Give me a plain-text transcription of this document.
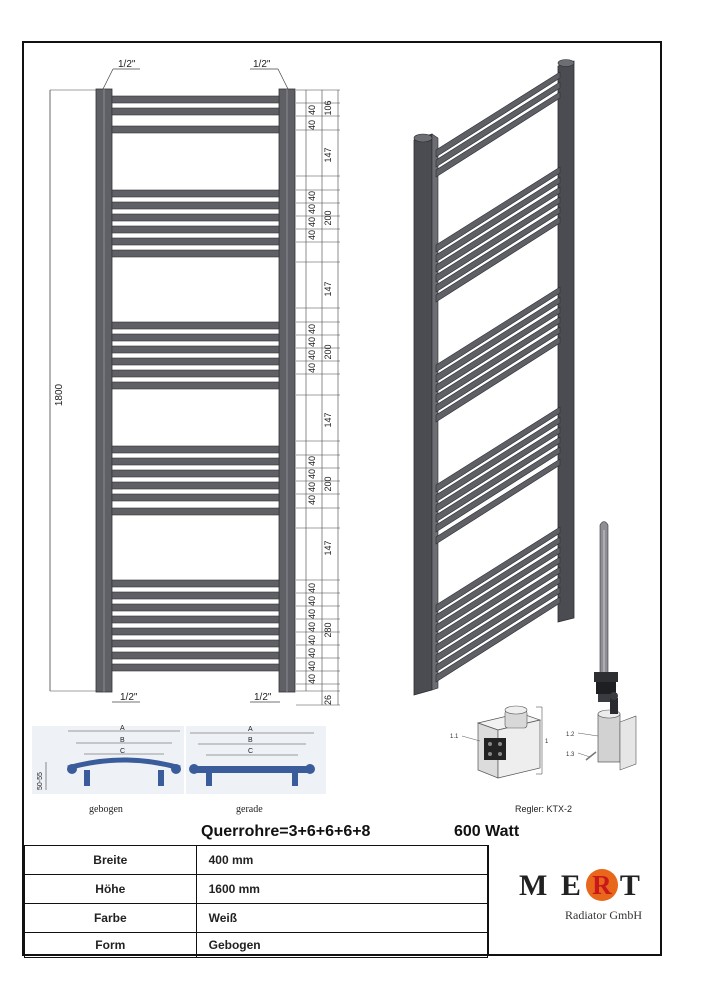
1800
1/2"	1/2"
1/2"	1/2"
106
40
40
147
200
40
40
40
40
147
200
40
40
40
40
147
200
40
40
40
40
147
280
40
40
40
40
40
40
40
40
26
1.1
1
1.2
1.3
A
B
C
50-55
A
B
C
gebogen	gerade	Regler: KTX-2
Querrohre=3+6+6+6+8	600 Watt
Breite	400 mm
Höhe	1600 mm
Farbe	Weiß
Form	Gebogen
M E R T
Radiator GmbH
